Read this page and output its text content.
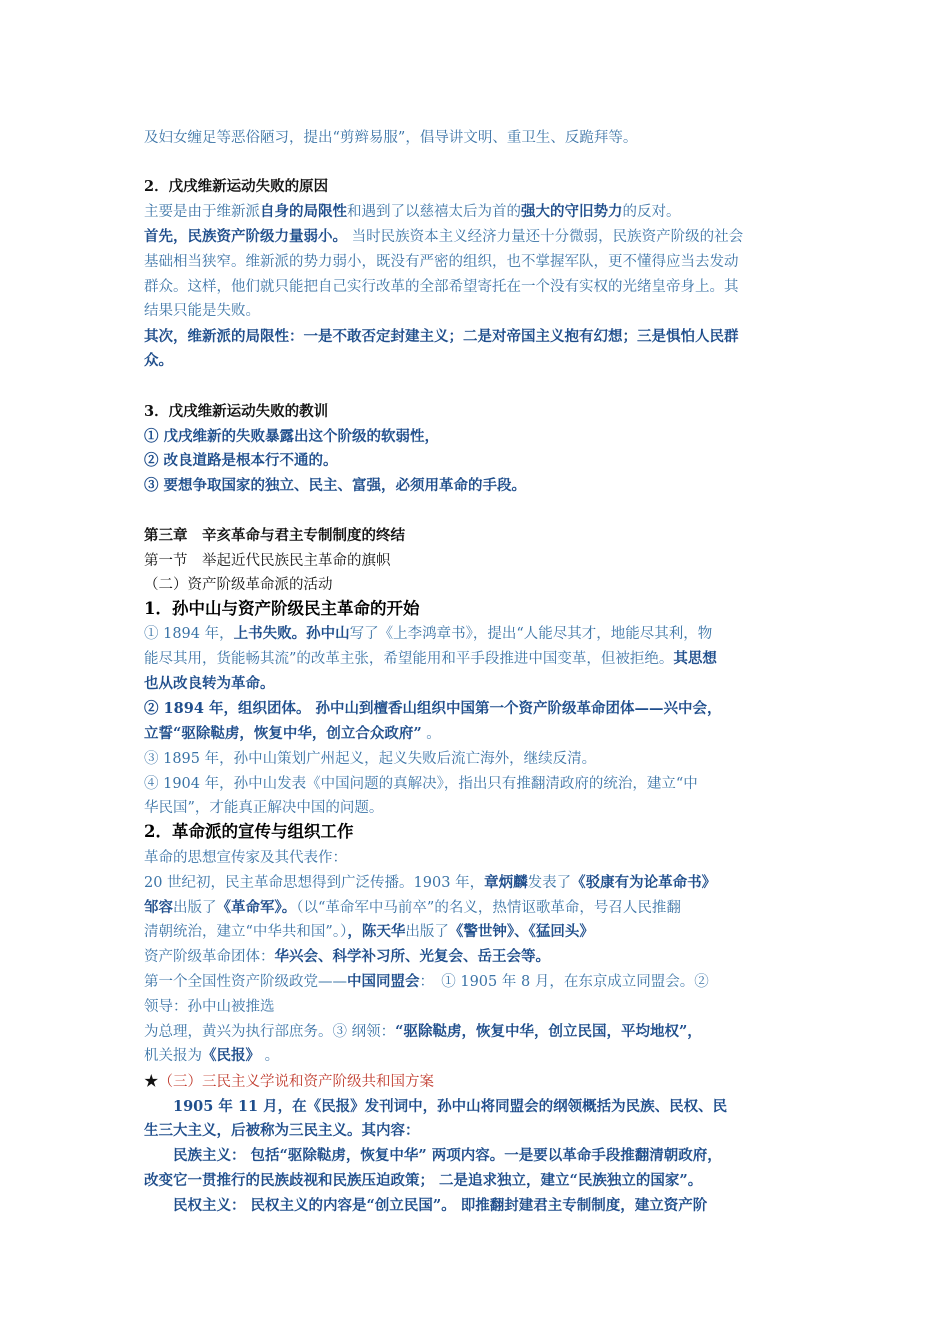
及妇女缠足等恶俗陋习，提出“剪辫易服”，倡导讲文明、重卫生、反跪拜等。
2．戊戌维新运动失败的原因
主要是由于维新派自身的局限性和遇到了以慈禧太后为首的强大的守旧势力的反对。
首先，民族资产阶级力量弱小。 当时民族资本主义经济力量还十分微弱，民族资产阶级的社会
基础相当狭窄。维新派的势力弱小，既没有严密的组织，也不掌握军队，更不懂得应当去发动
群众。这样，他们就只能把自己实行改革的全部希望寄托在一个没有实权的光绪皇帝身上。其
结果只能是失败。
其次，维新派的局限性：一是不敢否定封建主义；二是对帝国主义抱有幻想；三是惧怕人民群
众。
3．戊戌维新运动失败的教训
① 戊戌维新的失败暴露出这个阶级的软弱性，
② 改良道路是根本行不通的。
③ 要想争取国家的独立、民主、富强，必须用革命的手段。
第三章　辛亥革命与君主专制制度的终结
第一节　举起近代民族民主革命的旗帜
（二）资产阶级革命派的活动
1．孙中山与资产阶级民主革命的开始
① 1894 年，上书失败。孙中山写了《上李鸿章书》，提出“人能尽其才，地能尽其利，物
能尽其用，货能畅其流”的改革主张，希望能用和平手段推进中国变革，但被拒绝。其思想
也从改良转为革命。
② 1894 年，组织团体。 孙中山到檀香山组织中国第一个资产阶级革命团体——兴中会，
立誓“驱除鞑虏，恢复中华，创立合众政府” 。
③ 1895 年，孙中山策划广州起义，起义失败后流亡海外，继续反清。
④ 1904 年，孙中山发表《中国问题的真解决》，指出只有推翻清政府的统治，建立“中
华民国”，才能真正解决中国的问题。
2．革命派的宣传与组织工作
革命的思想宣传家及其代表作：
20 世纪初，民主革命思想得到广泛传播。1903 年，章炳麟发表了《驳康有为论革命书》
邹容出版了《革命军》。（以“革命军中马前卒”的名义，热情讴歌革命，号召人民推翻
清朝统治，建立“中华共和国”。），陈天华出版了《警世钟》、《猛回头》
资产阶级革命团体：华兴会、科学补习所、光复会、岳王会等。
第一个全国性资产阶级政党——中国同盟会：　① 1905 年 8 月，在东京成立同盟会。②
领导：孙中山被推选
为总理，黄兴为执行部庶务。③ 纲领：“驱除鞑虏，恢复中华，创立民国，平均地权”，
机关报为《民报》 。
★（三）三民主义学说和资产阶级共和国方案
　　1905 年 11 月，在《民报》发刊词中，孙中山将同盟会的纲领概括为民族、民权、民
生三大主义，后被称为三民主义。其内容：
　　民族主义： 包括“驱除鞑虏，恢复中华” 两项内容。一是要以革命手段推翻清朝政府，
改变它一贯推行的民族歧视和民族压迫政策； 二是追求独立，建立“民族独立的国家”。
　　民权主义： 民权主义的内容是“创立民国”。 即推翻封建君主专制制度，建立资产阶
